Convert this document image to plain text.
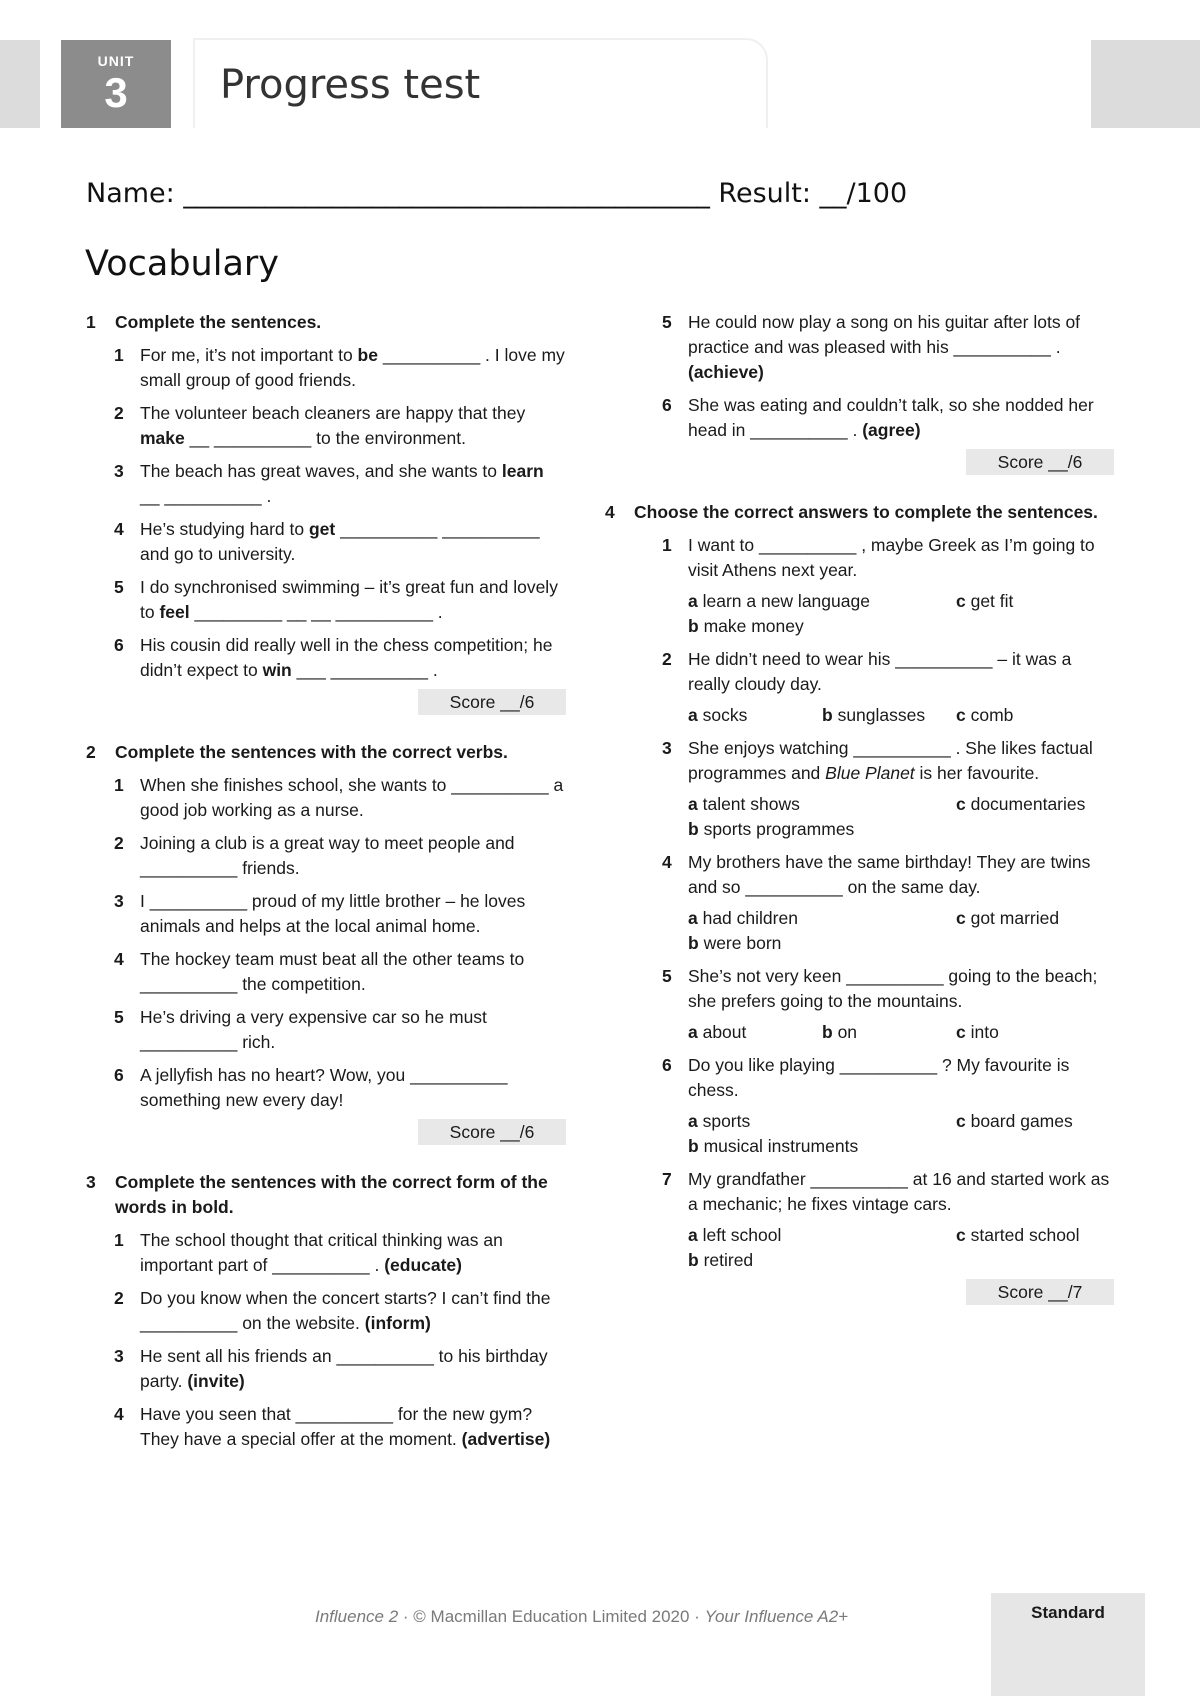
UNIT
3	Progress test
Name: _______________________________________ Result: __/100
Vocabulary
1	Complete the sentences.
1 For me, it’s not important to be __________ . I love my small group of good friends.
2 The volunteer beach cleaners are happy that they make __ __________ to the environment.
3 The beach has great waves, and she wants to learn __ __________ .
4 He’s studying hard to get __________ __________ and go to university.
5 I do synchronised swimming – it’s great fun and lovely to feel _________ __ __ __________ .
6 His cousin did really well in the chess competition; he didn’t expect to win ___ __________ .
Score __/6
2	Complete the sentences with the correct verbs.
1 When she finishes school, she wants to __________ a good job working as a nurse.
2 Joining a club is a great way to meet people and __________ friends.
3 I __________ proud of my little brother – he loves animals and helps at the local animal home.
4 The hockey team must beat all the other teams to __________ the competition.
5 He’s driving a very expensive car so he must __________ rich.
6 A jellyfish has no heart? Wow, you __________ something new every day!
Score __/6
3	Complete the sentences with the correct form of the words in bold.
1 The school thought that critical thinking was an important part of __________ . (educate)
2 Do you know when the concert starts? I can’t find the __________ on the website. (inform)
3 He sent all his friends an __________ to his birthday party. (invite)
4 Have you seen that __________ for the new gym? They have a special offer at the moment. (advertise)
5 He could now play a song on his guitar after lots of practice and was pleased with his __________ . (achieve)
6 She was eating and couldn’t talk, so she nodded her head in __________ . (agree)
Score __/6
4	Choose the correct answers to complete the sentences.
1 I want to __________ , maybe Greek as I’m going to visit Athens next year.
a learn a new language	c get fit
b make money
2 He didn’t need to wear his __________ – it was a really cloudy day.
a socks	b sunglasses	c comb
3 She enjoys watching __________ . She likes factual programmes and Blue Planet is her favourite.
a talent shows	c documentaries
b sports programmes
4 My brothers have the same birthday! They are twins and so __________ on the same day.
a had children	c got married
b were born
5 She’s not very keen __________ going to the beach; she prefers going to the mountains.
a about	b on	c into
6 Do you like playing __________ ? My favourite is chess.
a sports	c board games
b musical instruments
7 My grandfather __________ at 16 and started work as a mechanic; he fixes vintage cars.
a left school	c started school
b retired
Score __/7
Influence 2 · © Macmillan Education Limited 2020 · Your Influence A2+	Standard
